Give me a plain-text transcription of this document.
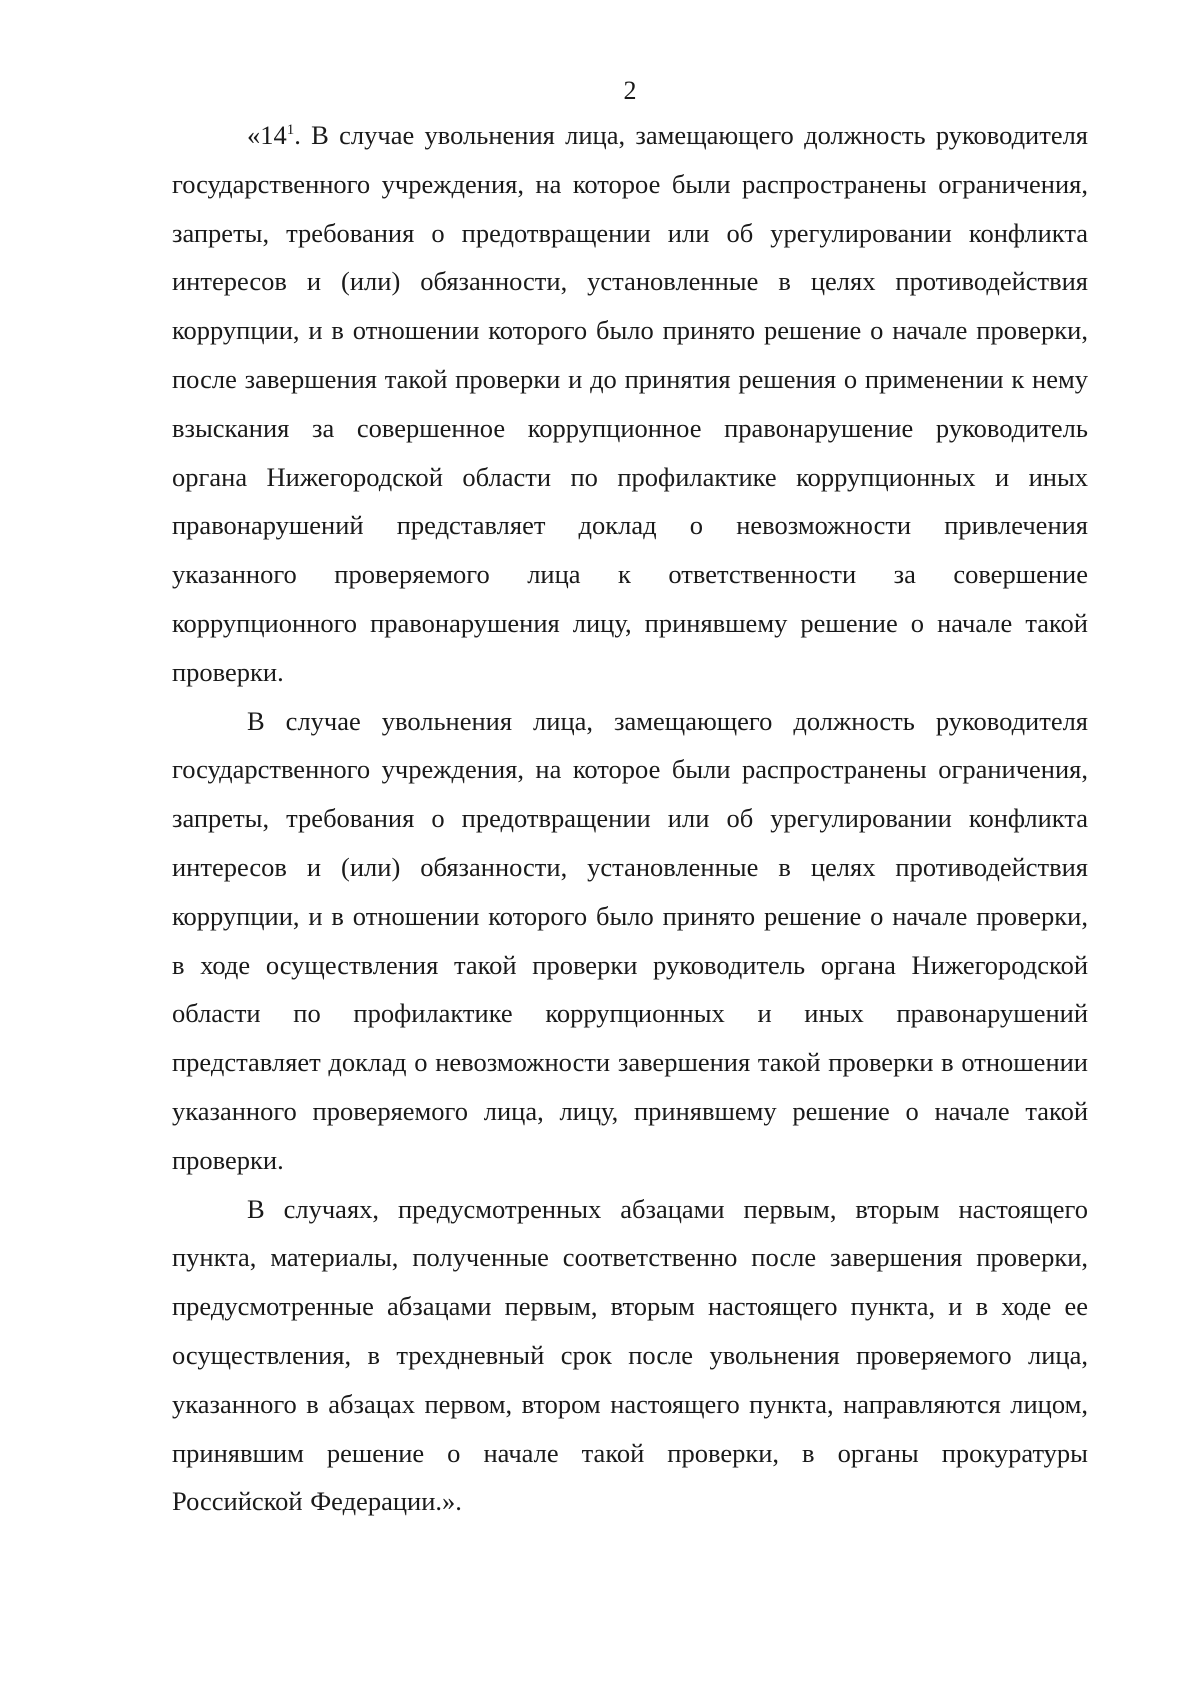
2

«$14^1$. В случае увольнения лица, замещающего должность руководителя государственного учреждения, на которое были распространены ограничения, запреты, требования о предотвращении или об урегулировании конфликта интересов и (или) обязанности, установленные в целях противодействия коррупции, и в отношении которого было принято решение о начале проверки, после завершения такой проверки и до принятия решения о применении к нему взыскания за совершенное коррупционное правонарушение руководитель органа Нижегородской области по профилактике коррупционных и иных правонарушений представляет доклад о невозможности привлечения указанного проверяемого лица к ответственности за совершение коррупционного правонарушения лицу, принявшему решение о начале такой проверки.

В случае увольнения лица, замещающего должность руководителя государственного учреждения, на которое были распространены ограничения, запреты, требования о предотвращении или об урегулировании конфликта интересов и (или) обязанности, установленные в целях противодействия коррупции, и в отношении которого было принято решение о начале проверки, в ходе осуществления такой проверки руководитель органа Нижегородской области по профилактике коррупционных и иных правонарушений представляет доклад о невозможности завершения такой проверки в отношении указанного проверяемого лица, лицу, принявшему решение о начале такой проверки.

В случаях, предусмотренных абзацами первым, вторым настоящего пункта, материалы, полученные соответственно после завершения проверки, предусмотренные абзацами первым, вторым настоящего пункта, и в ходе ее осуществления, в трехдневный срок после увольнения проверяемого лица, указанного в абзацах первом, втором настоящего пункта, направляются лицом, принявшим решение о начале такой проверки, в органы прокуратуры Российской Федерации.».
